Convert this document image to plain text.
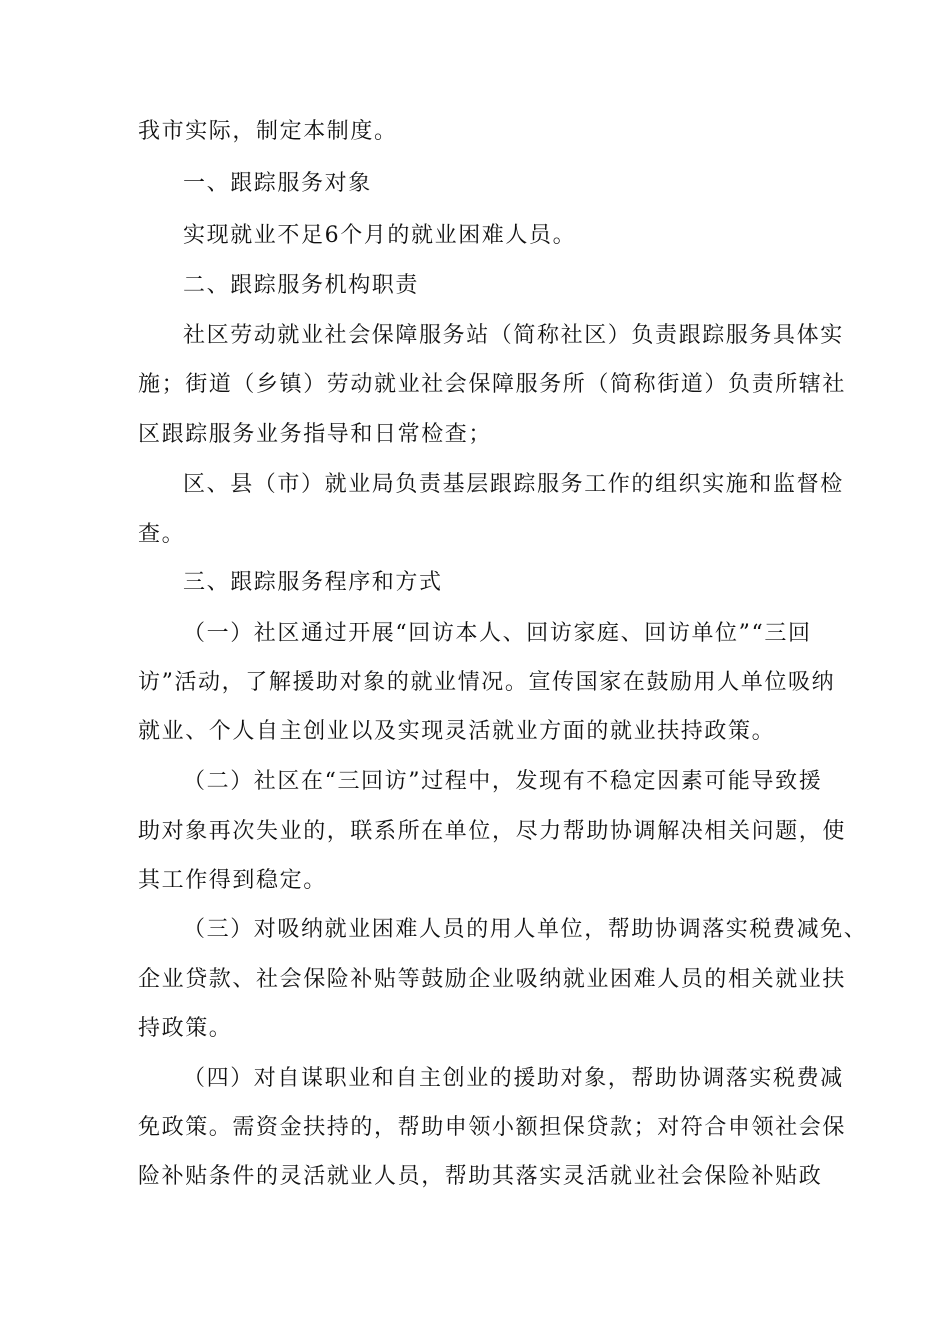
我市实际，制定本制度。
一、跟踪服务对象
实现就业不足6个月的就业困难人员。
二、跟踪服务机构职责
社区劳动就业社会保障服务站（简称社区）负责跟踪服务具体实
施；街道（乡镇）劳动就业社会保障服务所（简称街道）负责所辖社
区跟踪服务业务指导和日常检查；
区、县（市）就业局负责基层跟踪服务工作的组织实施和监督检
查。
三、跟踪服务程序和方式
（一）社区通过开展“回访本人、回访家庭、回访单位”“三回
访”活动，了解援助对象的就业情况。宣传国家在鼓励用人单位吸纳
就业、个人自主创业以及实现灵活就业方面的就业扶持政策。
（二）社区在“三回访”过程中，发现有不稳定因素可能导致援
助对象再次失业的，联系所在单位，尽力帮助协调解决相关问题，使
其工作得到稳定。
（三）对吸纳就业困难人员的用人单位，帮助协调落实税费减免、
企业贷款、社会保险补贴等鼓励企业吸纳就业困难人员的相关就业扶
持政策。
（四）对自谋职业和自主创业的援助对象，帮助协调落实税费减
免政策。需资金扶持的，帮助申领小额担保贷款；对符合申领社会保
险补贴条件的灵活就业人员，帮助其落实灵活就业社会保险补贴政
